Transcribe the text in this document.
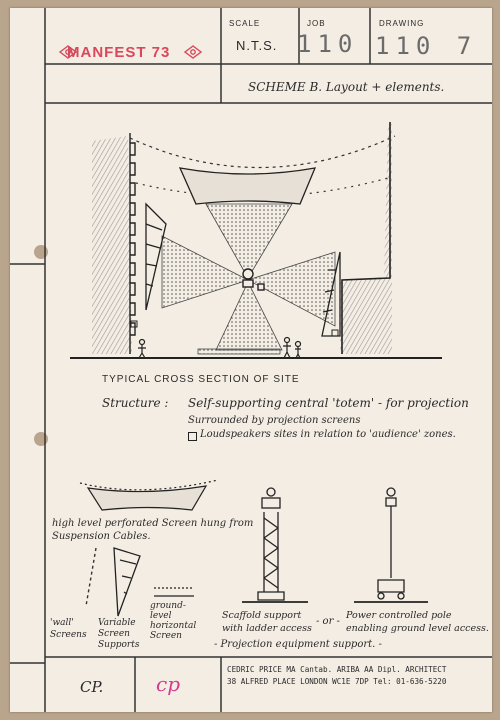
MANFEST 73

SCALE

N.T.S.

JOB

110

DRAWING

110 7

SCHEME B. Layout + elements.

TYPICAL CROSS SECTION OF SITE

Structure : Self-supporting central 'totem' - for projection

Surrounded by projection screens

Loudspeakers sites in relation to 'audience' zones.

high level perforated Screen hung from

Suspension Cables.

'wall'

Screens

Variable

Screen

Supports

ground-

level

horizontal

Screen

Scaffold support

with ladder access

- or -

Power controlled pole

enabling ground level access.

- Projection equipment support. -

CP.	cp

CEDRIC PRICE MA Cantab. ARIBA AA Dipl. ARCHITECT

38 ALFRED PLACE LONDON WC1E 7DP Tel: 01-636-5220
